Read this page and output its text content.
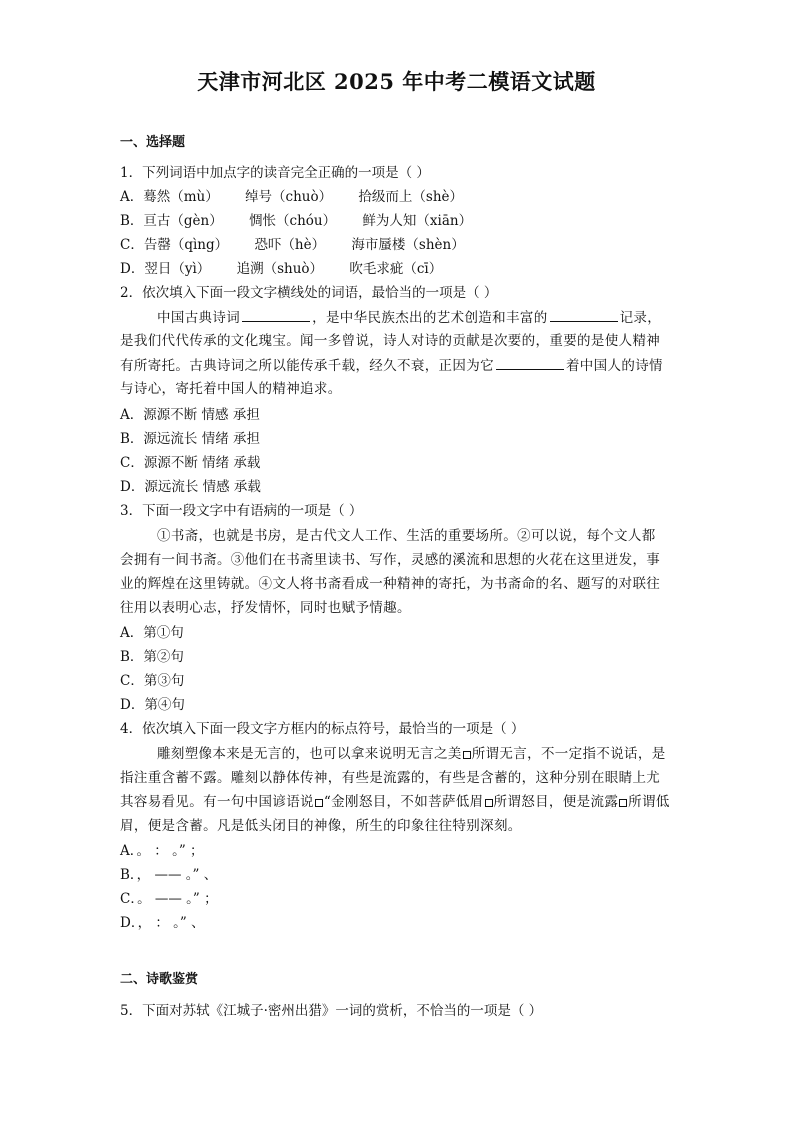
天津市河北区 2025 年中考二模语文试题
一、选择题
1．下列词语中加点字的读音完全正确的一项是（ ）
A．蓦然（mù） 绰号（chuò） 拾级而上（shè）
B．亘古（gèn） 惆怅（chóu） 鲜为人知（xiān）
C．告罄（qìng） 恐吓（hè） 海市蜃楼（shèn）
D．翌日（yì） 追溯（shuò） 吹毛求疵（cī）
2．依次填入下面一段文字横线处的词语，最恰当的一项是（ ）
中国古典诗词	，是中华民族杰出的艺术创造和丰富的	记录，
是我们代代传承的文化瑰宝。闻一多曾说，诗人对诗的贡献是次要的，重要的是使人精神
有所寄托。古典诗词之所以能传承千载，经久不衰，正因为它	着中国人的诗情
与诗心，寄托着中国人的精神追求。
A．源源不断 情感 承担
B．源远流长 情绪 承担
C．源源不断 情绪 承载
D．源远流长 情感 承载
3．下面一段文字中有语病的一项是（ ）
①书斋，也就是书房，是古代文人工作、生活的重要场所。②可以说，每个文人都
会拥有一间书斋。③他们在书斋里读书、写作，灵感的溪流和思想的火花在这里迸发，事
业的辉煌在这里铸就。④文人将书斋看成一种精神的寄托，为书斋命的名、题写的对联往
往用以表明心志，抒发情怀，同时也赋予情趣。
A．第①句
B．第②句
C．第③句
D．第④句
4．依次填入下面一段文字方框内的标点符号，最恰当的一项是（ ）
雕刻塑像本来是无言的，也可以拿来说明无言之美 所谓无言，不一定指不说话，是
指注重含蓄不露。雕刻以静体传神，有些是流露的，有些是含蓄的，这种分别在眼睛上尤
其容易看见。有一句中国谚语说 “金刚怒目，不如菩萨低眉 所谓怒目，便是流露 所谓低
眉，便是含蓄。凡是低头闭目的神像，所生的印象往往特别深刻。
A．。 ： 。” ；
B．， —— 。” 、
C．。 —— 。” ；
D．， ： 。” 、
二、诗歌鉴赏
5．下面对苏轼《江城子·密州出猎》一词的赏析，不恰当的一项是（ ）
